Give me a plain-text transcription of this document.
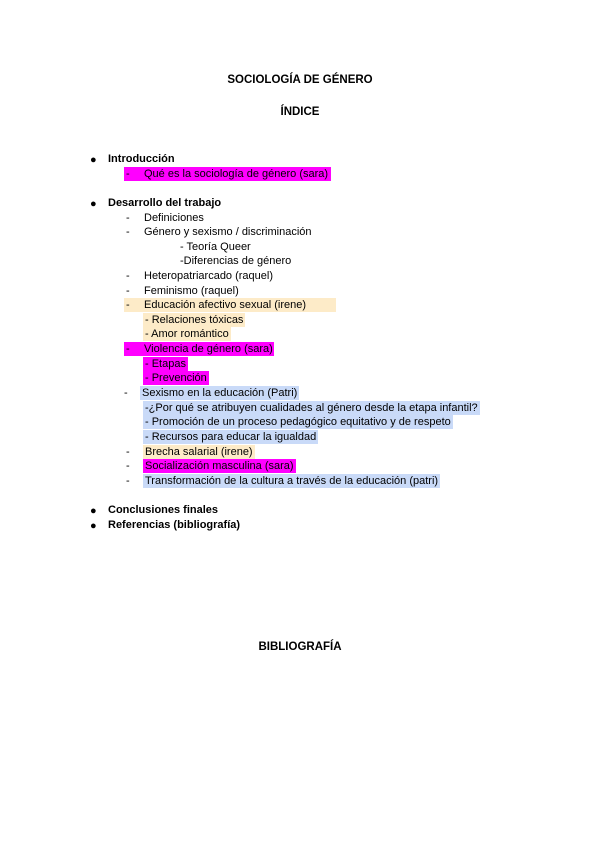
SOCIOLOGÍA DE GÉNERO
ÍNDICE
● Introducción
- Qué es la sociología de género (sara)
● Desarrollo del trabajo
- Definiciones
- Género y sexismo / discriminación
- Teoría Queer
-Diferencias de género
- Heteropatriarcado (raquel)
- Feminismo (raquel)
- Educación afectivo sexual (irene)
- Relaciones tóxicas
- Amor romántico
- Violencia de género (sara)
- Etapas
- Prevención
- Sexismo en la educación (Patri)
-¿Por qué se atribuyen cualidades al género desde la etapa infantil?
- Promoción de un proceso pedagógico equitativo y de respeto
- Recursos para educar la igualdad
- Brecha salarial (irene)
- Socialización masculina (sara)
- Transformación de la cultura a través de la educación (patri)
● Conclusiones finales
● Referencias (bibliografía)
BIBLIOGRAFÍA
